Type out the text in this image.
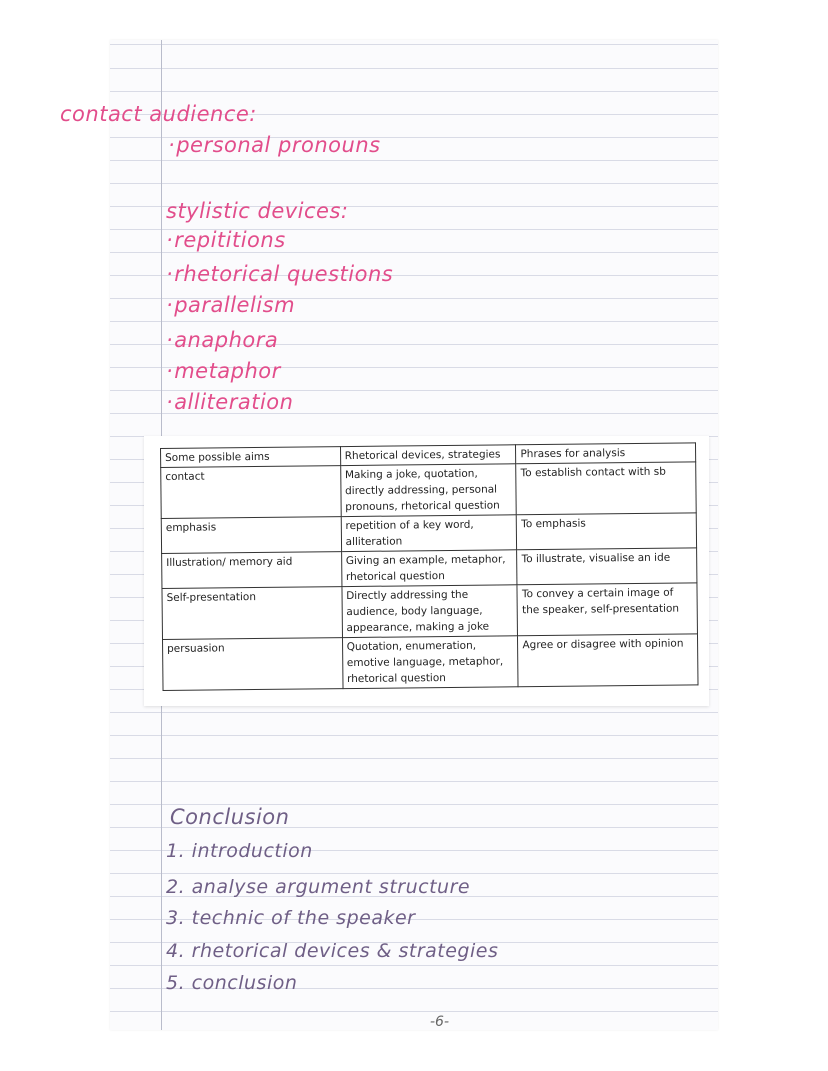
contact audience:
· personal pronouns
stylistic devices:
· repititions
· rhetorical questions
· parallelism
· anaphora
· metaphor
· alliteration
Some possible aims	Rhetorical devices, strategies	Phrases for analysis
contact	Making a joke, quotation, directly addressing, personal pronouns, rhetorical question	To establish contact with sb
emphasis	repetition of a key word, alliteration	To emphasis
Illustration/ memory aid	Giving an example, metaphor, rhetorical question	To illustrate, visualise an ide
Self-presentation	Directly addressing the audience, body language, appearance, making a joke	To convey a certain image of the speaker, self-presentation
persuasion	Quotation, enumeration, emotive language, metaphor, rhetorical question	Agree or disagree with opinion
Conclusion
1. introduction
2. analyse argument structure
3. technic of the speaker
4. rhetorical devices & strategies
5. conclusion
-6-
